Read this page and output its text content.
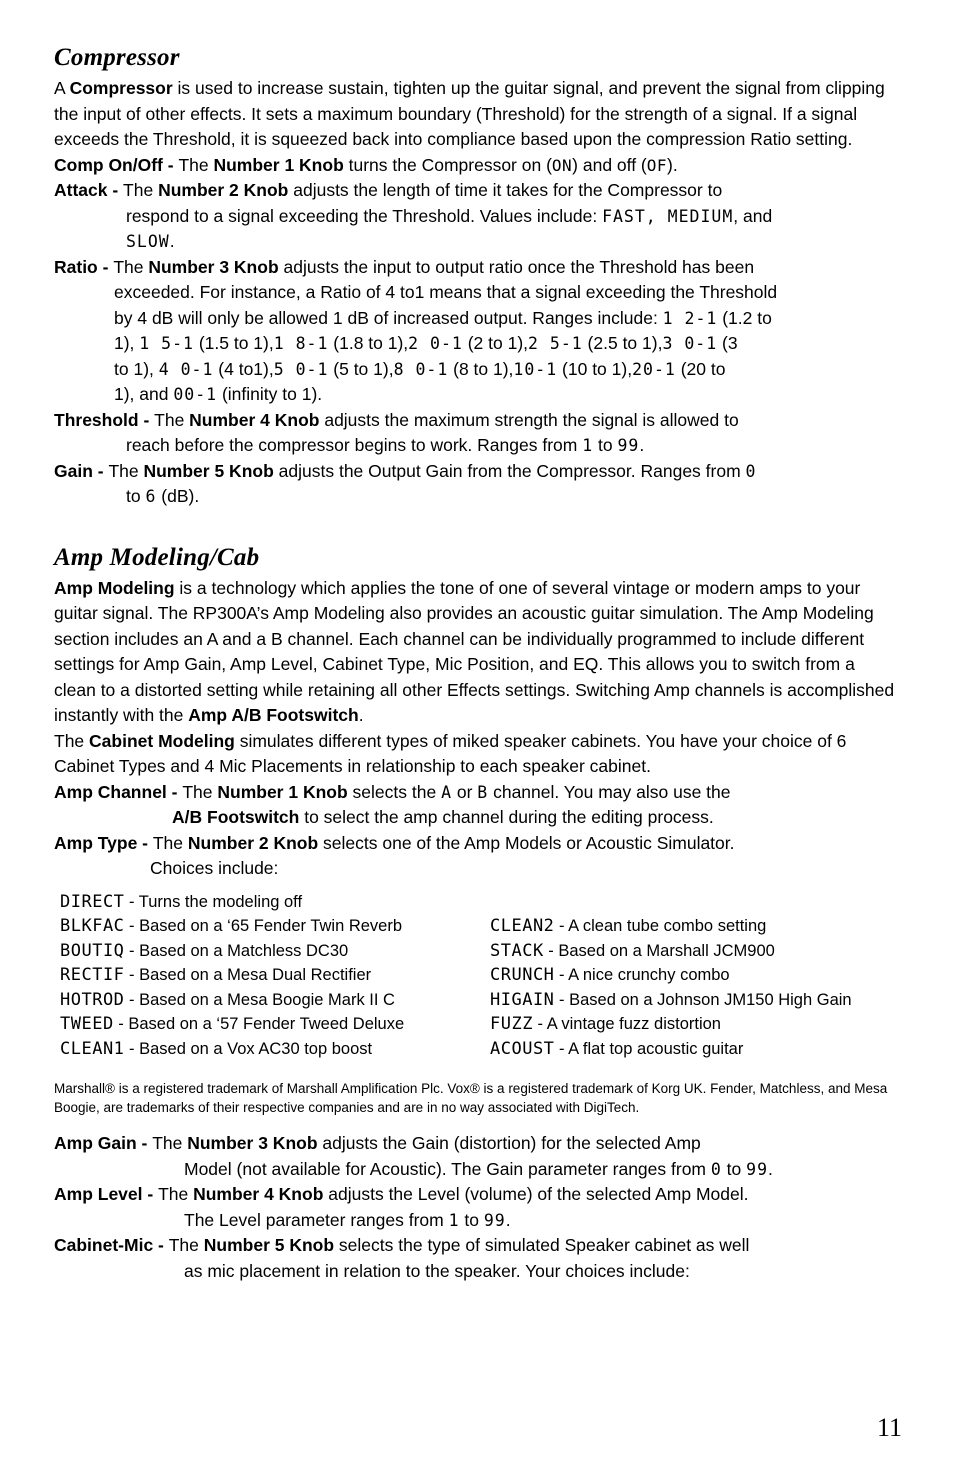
Compressor

A Compressor is used to increase sustain, tighten up the guitar signal, and prevent the signal from clipping the input of other effects. It sets a maximum boundary (Threshold) for the strength of a signal. If a signal exceeds the Threshold, it is squeezed back into compliance based upon the compression Ratio setting.

Comp On/Off - The Number 1 Knob turns the Compressor on (ON) and off (OF).

Attack - The Number 2 Knob adjusts the length of time it takes for the Compressor to
respond to a signal exceeding the Threshold. Values include: FAST, MEDIUM, and
SLOW.

Ratio - The Number 3 Knob adjusts the input to output ratio once the Threshold has been
exceeded. For instance, a Ratio of 4 to1 means that a signal exceeding the Threshold
by 4 dB will only be allowed 1 dB of increased output. Ranges include: 1 2-1 (1.2 to
1), 1 5-1 (1.5 to 1),1 8-1 (1.8 to 1),2 0-1 (2 to 1),2 5-1 (2.5 to 1),3 0-1 (3
to 1), 4 0-1 (4 to1),5 0-1 (5 to 1),8 0-1 (8 to 1),10-1 (10 to 1),20-1 (20 to
1), and 00-1 (infinity to 1).

Threshold - The Number 4 Knob adjusts the maximum strength the signal is allowed to
reach before the compressor begins to work. Ranges from 1 to 99.

Gain - The Number 5 Knob adjusts the Output Gain from the Compressor. Ranges from 0
to 6 (dB).

Amp Modeling/Cab

Amp Modeling is a technology which applies the tone of one of several vintage or modern amps to your guitar signal. The RP300A’s Amp Modeling also provides an acoustic guitar simulation. The Amp Modeling section includes an A and a B channel. Each channel can be individually programmed to include different settings for Amp Gain, Amp Level, Cabinet Type, Mic Position, and EQ. This allows you to switch from a clean to a distorted setting while retaining all other Effects settings. Switching Amp channels is accomplished instantly with the Amp A/B Footswitch.

The Cabinet Modeling simulates different types of miked speaker cabinets. You have your choice of 6 Cabinet Types and 4 Mic Placements in relationship to each speaker cabinet.

Amp Channel - The Number 1 Knob selects the A or B channel. You may also use the
A/B Footswitch to select the amp channel during the editing process.

Amp Type - The Number 2 Knob selects one of the Amp Models or Acoustic Simulator.
Choices include:

DIRECT - Turns the modeling off
BLKFAC - Based on a ‘65 Fender Twin Reverb
BOUTIQ - Based on a Matchless DC30
RECTIF - Based on a Mesa Dual Rectifier
HOTROD - Based on a Mesa Boogie Mark II C
TWEED - Based on a ‘57 Fender Tweed Deluxe
CLEAN1 - Based on a Vox AC30 top boost

CLEAN2 - A clean tube combo setting
STACK - Based on a Marshall JCM900
CRUNCH - A nice crunchy combo
HIGAIN - Based on a Johnson JM150 High Gain
FUZZ - A vintage fuzz distortion
ACOUST - A flat top acoustic guitar

Marshall® is a registered trademark of Marshall Amplification Plc. Vox® is a registered trademark of Korg UK. Fender, Matchless, and Mesa Boogie, are trademarks of their respective companies and are in no way associated with DigiTech.

Amp Gain - The Number 3 Knob adjusts the Gain (distortion) for the selected Amp
Model (not available for Acoustic). The Gain parameter ranges from 0 to 99.

Amp Level - The Number 4 Knob adjusts the Level (volume) of the selected Amp Model.
The Level parameter ranges from 1 to 99.

Cabinet-Mic - The Number 5 Knob selects the type of simulated Speaker cabinet as well
as mic placement in relation to the speaker. Your choices include:

11
